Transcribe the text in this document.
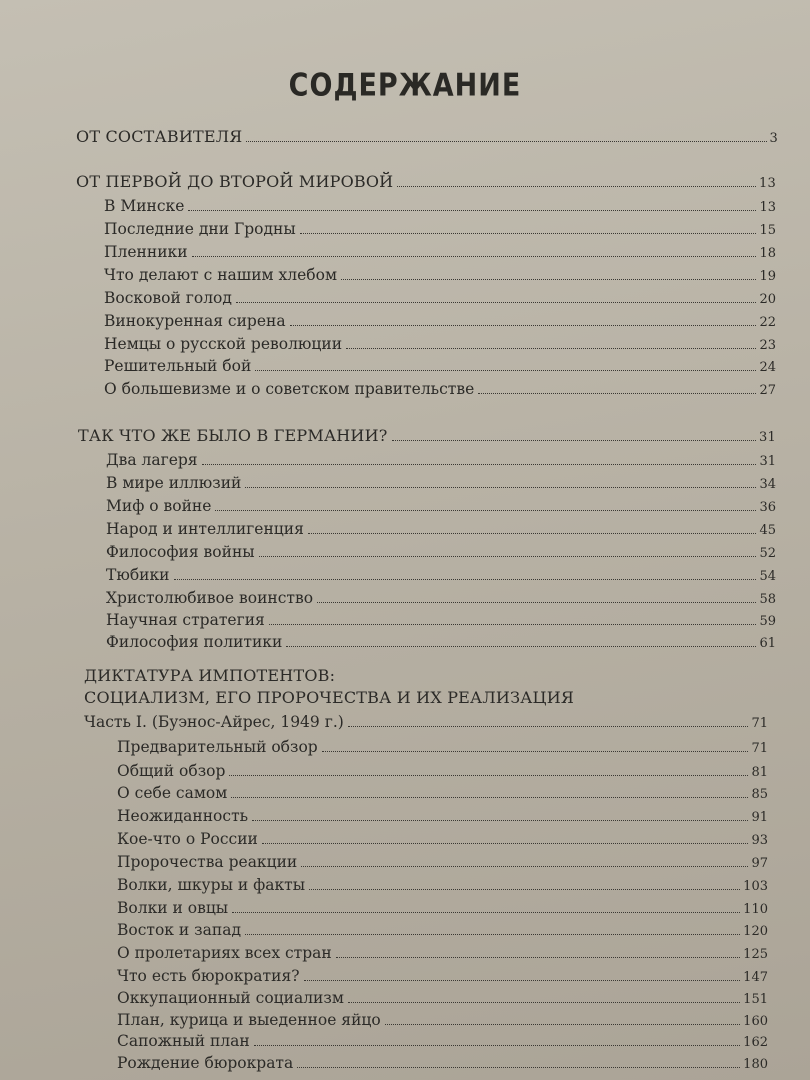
СОДЕРЖАНИЕ
ОТ СОСТАВИТЕЛЯ	3
ОТ ПЕРВОЙ ДО ВТОРОЙ МИРОВОЙ	13
В Минске	13
Последние дни Гродны	15
Пленники	18
Что делают с нашим хлебом	19
Восковой голод	20
Винокуренная сирена	22
Немцы о русской революции	23
Решительный бой	24
О большевизме и о советском правительстве	27
ТАК ЧТО ЖЕ БЫЛО В ГЕРМАНИИ?	31
Два лагеря	31
В мире иллюзий	34
Миф о войне	36
Народ и интеллигенция	45
Философия войны	52
Тюбики	54
Христолюбивое воинство	58
Научная стратегия	59
Философия политики	61
ДИКТАТУРА ИМПОТЕНТОВ:
СОЦИАЛИЗМ, ЕГО ПРОРОЧЕСТВА И ИХ РЕАЛИЗАЦИЯ
Часть I. (Буэнос-Айрес, 1949 г.)	71
Предварительный обзор	71
Общий обзор	81
О себе самом	85
Неожиданность	91
Кое-что о России	93
Пророчества реакции	97
Волки, шкуры и факты	103
Волки и овцы	110
Восток и запад	120
О пролетариях всех стран	125
Что есть бюрократия?	147
Оккупационный социализм	151
План, курица и выеденное яйцо	160
Сапожный план	162
Рождение бюрократа	180
